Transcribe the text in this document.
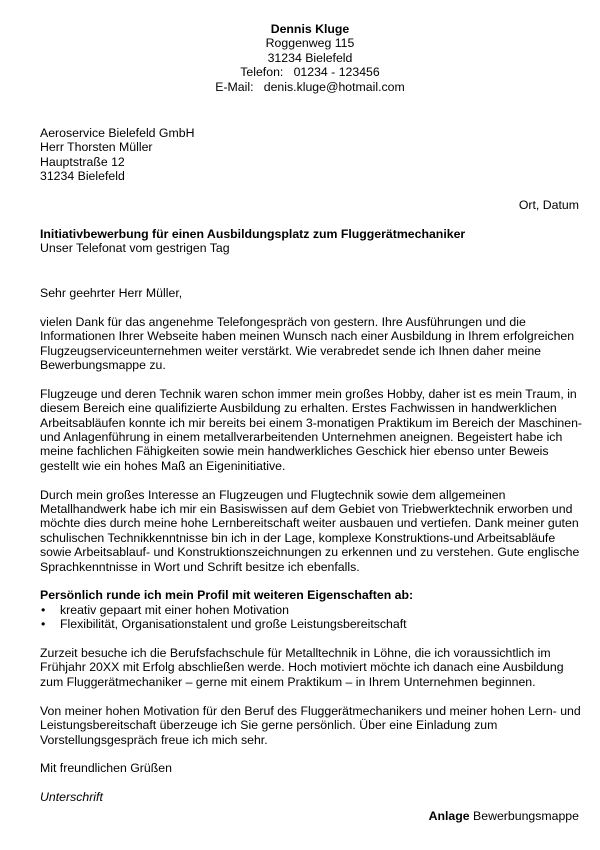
Dennis Kluge
Roggenweg 115
31234 Bielefeld
Telefon:   01234 - 123456
E-Mail:   denis.kluge@hotmail.com
Aeroservice Bielefeld GmbH
Herr Thorsten Müller
Hauptstraße 12
31234 Bielefeld
Ort, Datum
Initiativbewerbung für einen Ausbildungsplatz zum Fluggerätmechaniker
Unser Telefonat vom gestrigen Tag

Sehr geehrter Herr Müller,

vielen Dank für das angenehme Telefongespräch von gestern. Ihre Ausführungen und die Informationen Ihrer Webseite haben meinen Wunsch nach einer Ausbildung in Ihrem erfolgreichen Flugzeugserviceunternehmen weiter verstärkt. Wie verabredet sende ich Ihnen daher meine Bewerbungsmappe zu.

Flugzeuge und deren Technik waren schon immer mein großes Hobby, daher ist es mein Traum, in diesem Bereich eine qualifizierte Ausbildung zu erhalten. Erstes Fachwissen in handwerklichen Arbeitsabläufen konnte ich mir bereits bei einem 3-monatigen Praktikum im Bereich der Maschinen- und Anlagenführung in einem metallverarbeitenden Unternehmen aneignen. Begeistert habe ich meine fachlichen Fähigkeiten sowie mein handwerkliches Geschick hier ebenso unter Beweis gestellt wie ein hohes Maß an Eigeninitiative.

Durch mein großes Interesse an Flugzeugen und Flugtechnik sowie dem allgemeinen Metallhandwerk habe ich mir ein Basiswissen auf dem Gebiet von Triebwerktechnik erworben und möchte dies durch meine hohe Lernbereitschaft weiter ausbauen und vertiefen. Dank meiner guten schulischen Technikkenntnisse bin ich in der Lage, komplexe Konstruktions-und Arbeitsabläufe sowie Arbeitsablauf- und Konstruktionszeichnungen zu erkennen und zu verstehen. Gute englische Sprachkenntnisse in Wort und Schrift besitze ich ebenfalls.

Persönlich runde ich mein Profil mit weiteren Eigenschaften ab:

• kreativ gepaart mit einer hohen Motivation
• Flexibilität, Organisationstalent und große Leistungsbereitschaft

Zurzeit besuche ich die Berufsfachschule für Metalltechnik in Löhne, die ich voraussichtlich im Frühjahr 20XX mit Erfolg abschließen werde. Hoch motiviert möchte ich danach eine Ausbildung zum Fluggerätmechaniker – gerne mit einem Praktikum – in Ihrem Unternehmen beginnen.

Von meiner hohen Motivation für den Beruf des Fluggerätmechanikers und meiner hohen Lern- und Leistungsbereitschaft überzeuge ich Sie gerne persönlich. Über eine Einladung zum Vorstellungsgespräch freue ich mich sehr.

Mit freundlichen Grüßen

Unterschrift

Anlage Bewerbungsmappe
